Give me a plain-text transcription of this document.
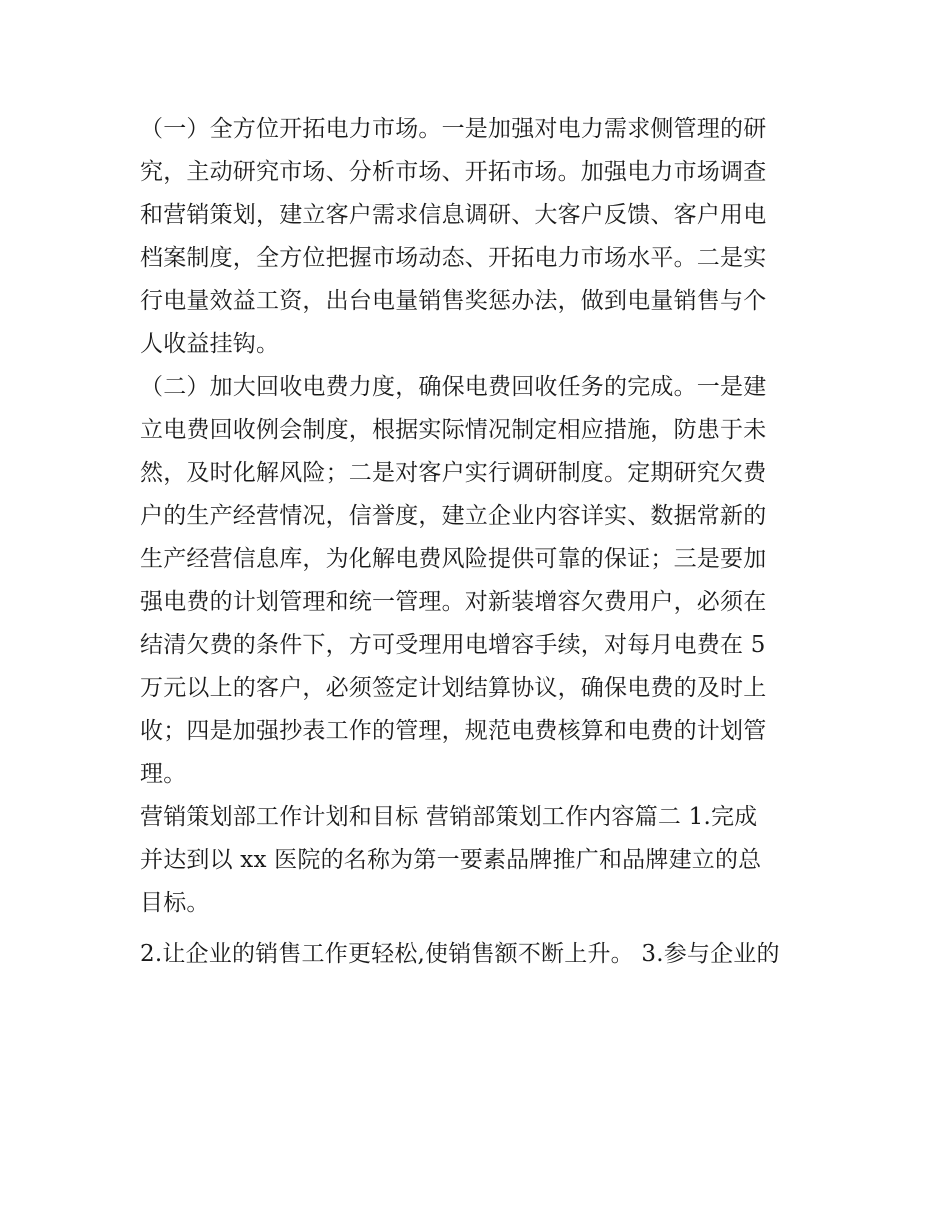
（一）全方位开拓电力市场。一是加强对电力需求侧管理的研
究，主动研究市场、分析市场、开拓市场。加强电力市场调查
和营销策划，建立客户需求信息调研、大客户反馈、客户用电
档案制度，全方位把握市场动态、开拓电力市场水平。二是实
行电量效益工资，出台电量销售奖惩办法，做到电量销售与个
人收益挂钩。
（二）加大回收电费力度，确保电费回收任务的完成。一是建
立电费回收例会制度，根据实际情况制定相应措施，防患于未
然，及时化解风险；二是对客户实行调研制度。定期研究欠费
户的生产经营情况，信誉度，建立企业内容详实、数据常新的
生产经营信息库，为化解电费风险提供可靠的保证；三是要加
强电费的计划管理和统一管理。对新装增容欠费用户，必须在
结清欠费的条件下，方可受理用电增容手续，对每月电费在 5
万元以上的客户，必须签定计划结算协议，确保电费的及时上
收；四是加强抄表工作的管理，规范电费核算和电费的计划管
理。
营销策划部工作计划和目标 营销部策划工作内容篇二 1.完成
并达到以 xx 医院的名称为第一要素品牌推广和品牌建立的总
目标。
2.让企业的销售工作更轻松,使销售额不断上升。 3.参与企业的
